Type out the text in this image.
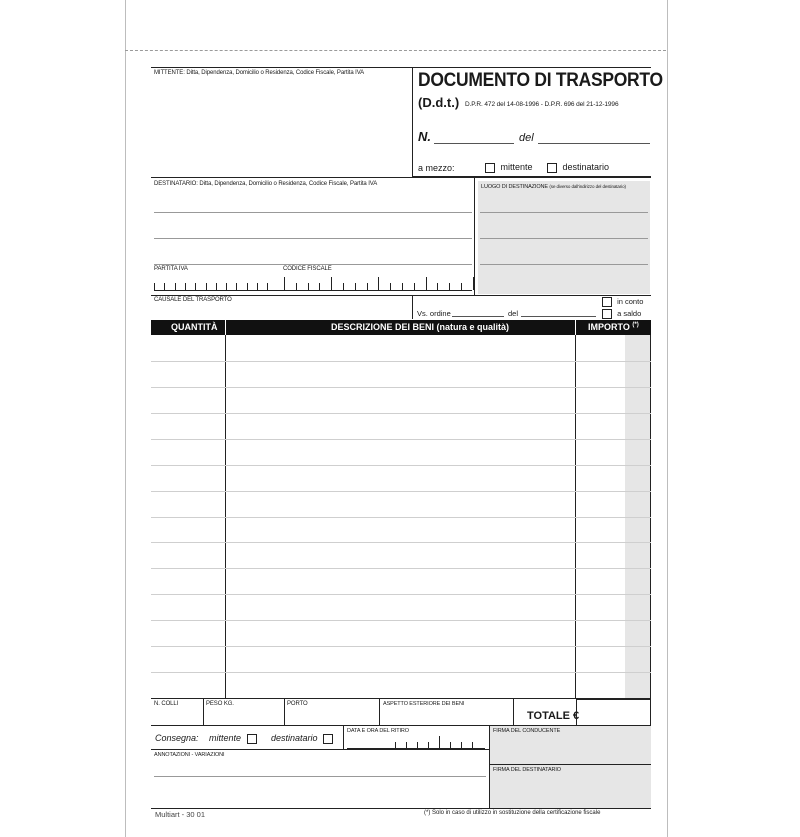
MITTENTE: Ditta, Dipendenza, Domicilio o Residenza, Codice Fiscale, Partita IVA	DOCUMENTO DI TRASPORTO
(D.d.t.) D.P.R. 472 del 14-08-1996 - D.P.R. 696 del 21-12-1996
N.	del
a mezzo:	mittente	destinatario
DESTINATARIO: Ditta, Dipendenza, Domicilio o Residenza, Codice Fiscale, Partita IVA	LUOGO DI DESTINAZIONE (se diverso dall'indirizzo del destinatario)
PARTITA IVA	CODICE FISCALE
CAUSALE DEL TRASPORTO
Vs. ordine	del
in conto
a saldo
QUANTITÀ	DESCRIZIONE DEI BENI (natura e qualità)	IMPORTO (*)
N. COLLI	PESO KG.	PORTO	ASPETTO ESTERIORE DEI BENI
TOTALE €
Consegna: mittente	destinatario
DATA E ORA DEL RITIRO	FIRMA DEL CONDUCENTE
FIRMA DEL DESTINATARIO
ANNOTAZIONI - VARIAZIONI
Multiart - 30 01	(*) Solo in caso di utilizzo in sostituzione della certificazione fiscale
